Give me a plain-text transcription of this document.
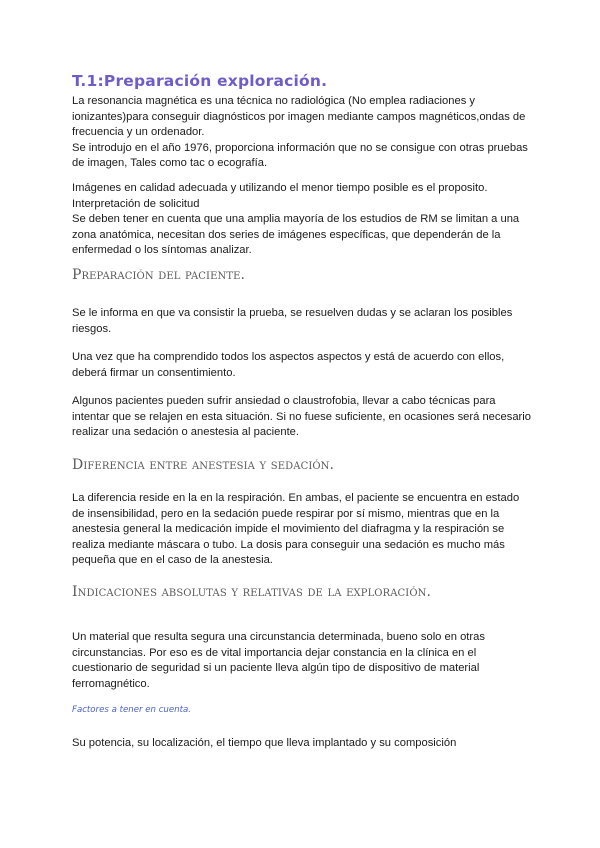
T.1:Preparación exploración.

La resonancia magnética es una técnica no radiológica (No emplea radiaciones y ionizantes)para conseguir diagnósticos por imagen mediante campos magnéticos,ondas de frecuencia y un ordenador.

Se introdujo en el año 1976, proporciona información que no se consigue con otras pruebas de imagen, Tales como tac o ecografía.

Imágenes en calidad adecuada y utilizando el menor tiempo posible es el proposito.

Interpretación de solicitud

Se deben tener en cuenta que una amplia mayoría de los estudios de RM se limitan a una zona anatómica, necesitan dos series de imágenes específicas, que dependerán de la enfermedad o los síntomas analizar.

Preparación del paciente.

Se le informa en que va consistir la prueba, se resuelven dudas y se aclaran los posibles riesgos.

Una vez que ha comprendido todos los aspectos aspectos y está de acuerdo con ellos, deberá firmar un consentimiento.

Algunos pacientes pueden sufrir ansiedad o claustrofobia, llevar a cabo técnicas para intentar que se relajen en esta situación. Si no fuese suficiente, en ocasiones será necesario realizar una sedación o anestesia al paciente.

Diferencia entre anestesia y sedación.

La diferencia reside en la en la respiración. En ambas, el paciente se encuentra en estado de insensibilidad, pero en la sedación puede respirar por sí mismo, mientras que en la anestesia general la medicación impide el movimiento del diafragma y la respiración se realiza mediante máscara o tubo. La dosis para conseguir una sedación es mucho más pequeña que en el caso de la anestesia.

Indicaciones absolutas y relativas de la exploración.

Un material que resulta segura una circunstancia determinada, bueno solo en otras circunstancias. Por eso es de vital importancia dejar constancia en la clínica en el cuestionario de seguridad si un paciente lleva algún tipo de dispositivo de material ferromagnético.

Factores a tener en cuenta.

Su potencia, su localización, el tiempo que lleva implantado y su composición
